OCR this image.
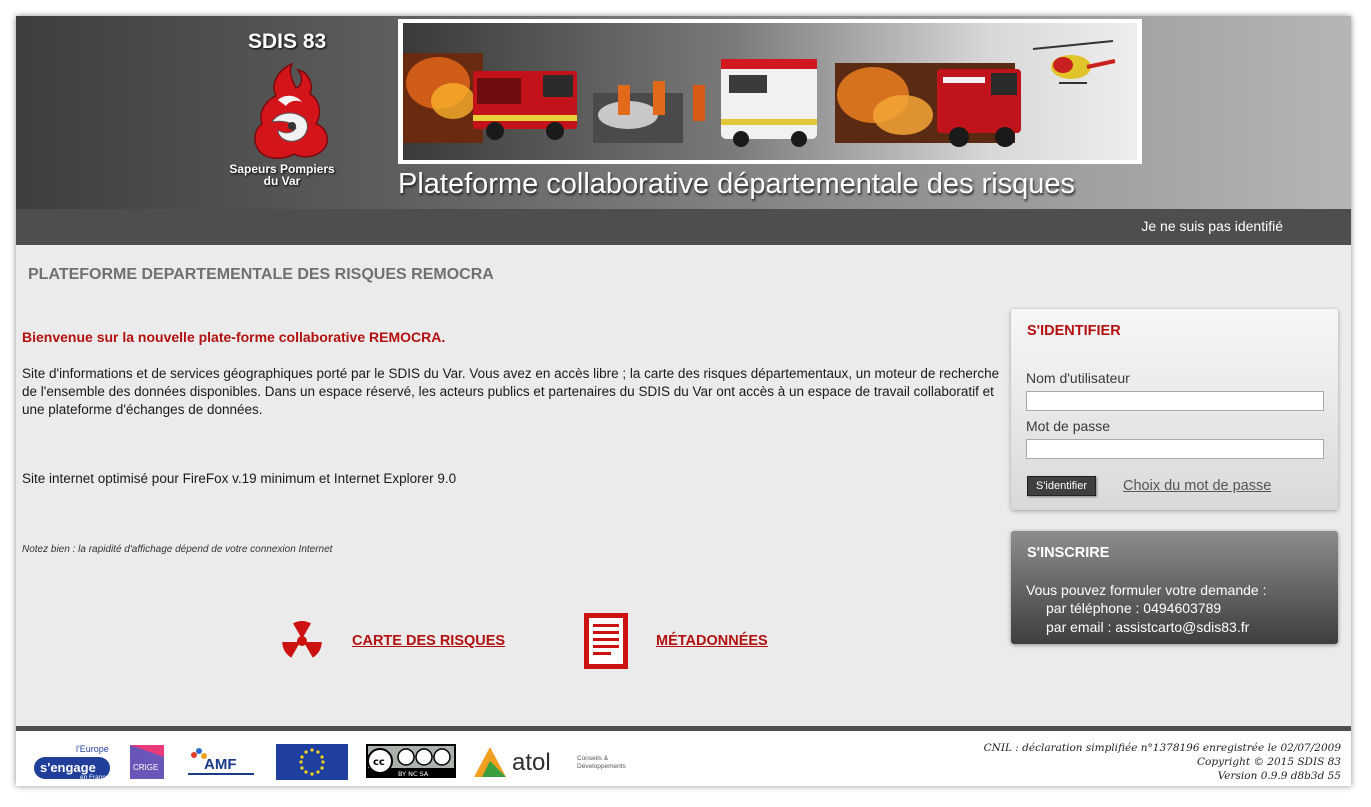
SDIS 83
Sapeurs Pompiers
du Var	Plateforme collaborative départementale des risques
Je ne suis pas identifié
PLATEFORME DEPARTEMENTALE DES RISQUES REMOCRA
Bienvenue sur la nouvelle plate-forme collaborative REMOCRA.
Site d'informations et de services géographiques porté par le SDIS du Var. Vous avez en accès libre ; la carte des risques départementaux, un moteur de recherche de l'ensemble des données disponibles. Dans un espace réservé, les acteurs publics et partenaires du SDIS du Var ont accès à un espace de travail collaboratif et une plateforme d'échanges de données.
Site internet optimisé pour FireFox v.19 minimum et Internet Explorer 9.0
Notez bien : la rapidité d'affichage dépend de votre connexion Internet
CARTE DES RISQUES	MÉTADONNÉES
S'IDENTIFIER
Nom d'utilisateur
Mot de passe
S'identifier	Choix du mot de passe
S'INSCRIRE
Vous pouvez formuler votre demande :
par téléphone : 0494603789
par email : assistcarto@sdis83.fr
l'Europe
s'engage
en France
CRIGE	AMF	cc
BY NC SA	atol	Conseils &
Développements
CNIL : déclaration simplifiée n°1378196 enregistrée le 02/07/2009
Copyright © 2015 SDIS 83
Version 0.9.9 d8b3d 55
